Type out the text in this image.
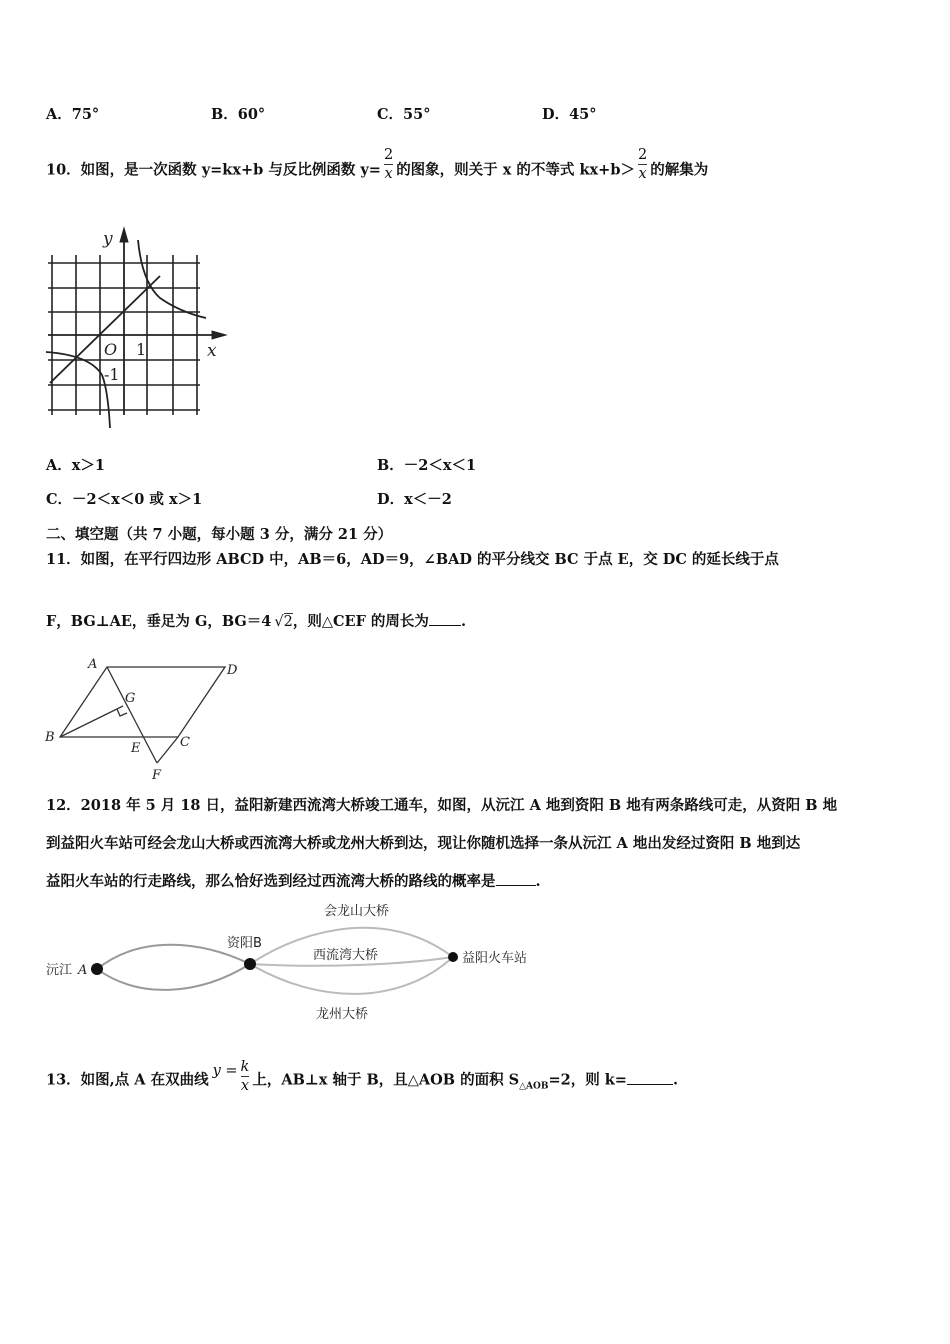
A．75°	B．60°	C．55°	D．45°
10．如图，是一次函数 y=kx+b 与反比例函数 $y= \frac{2}{x}$ 的图象，则关于 x 的不等式 $kx+b> \frac{2}{x}$ 的解集为
y
x
O 1
-1
A	D
B	C
E
F
G
沅江 A
资阳B
益阳火车站
会龙山大桥
西流湾大桥
龙州大桥
A．x＞1	B．－2＜x＜1
C．－2＜x＜0 或 x＞1	D．x＜－2
二、填空题（共 7 小题，每小题 3 分，满分 21 分）
11．如图，在平行四边形 ABCD 中，AB＝6，AD＝9，∠BAD 的平分线交 BC 于点 E，交 DC 的延长线于点
F，BG⊥AE，垂足为 G，BG＝4 √2，则△CEF 的周长为 .
12．2018 年 5 月 18 日，益阳新建西流湾大桥竣工通车，如图，从沅江 A 地到资阳 B 地有两条路线可走，从资阳 B 地
到益阳火车站可经会龙山大桥或西流湾大桥或龙州大桥到达，现让你随机选择一条从沅江 A 地出发经过资阳 B 地到达
益阳火车站的行走路线，那么恰好选到经过西流湾大桥的路线的概率是	.
13．如图,点 A 在双曲线$y = \frac{k}{x}$ 上，AB⊥x 轴于 B，且△AOB 的面积 $S_{\triangle AOB}=2$，则 k=	.
